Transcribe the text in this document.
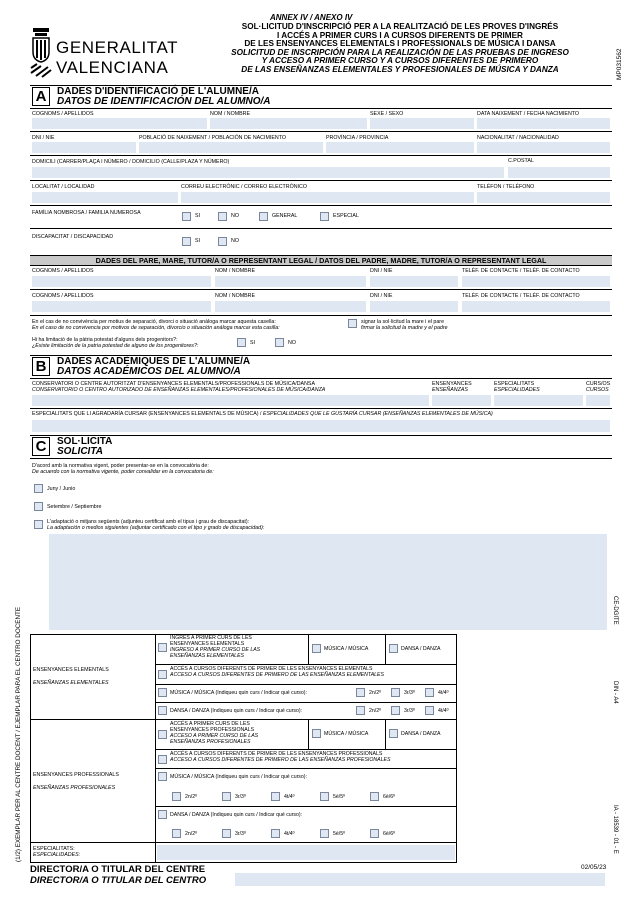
GENERALITAT
VALENCIANA
ANNEX IV / ANEXO IV
SOL·LICITUD D'INSCRIPCIÓ PER A LA REALITZACIÓ DE LES PROVES D'INGRÉS
I ACCÉS A PRIMER CURS I A CURSOS DIFERENTS DE PRIMER
DE LES ENSENYANCES ELEMENTALS I PROFESSIONALS DE MÚSICA I DANSA
SOLICITUD DE INSCRIPCIÓN PARA LA REALIZACIÓN DE LAS PRUEBAS DE INGRESO
Y ACCESO A PRIMER CURSO Y A CURSOS DIFERENTES DE PRIMERO
DE LAS ENSEÑANZAS ELEMENTALES Y PROFESIONALES DE MÚSICA Y DANZA	MP031562
A	DADES D'IDENTIFICACIÓ DE L'ALUMNE/A
DATOS DE IDENTIFICACIÓN DEL ALUMNO/A
COGNOMS / APELLIDOS	NOM / NOMBRE	SEXE / SEXO	DATA NAIXEMENT / FECHA NACIMIENTO
DNI / NIE	POBLACIÓ DE NAIXEMENT / POBLACIÓN DE NACIMIENTO	PROVÍNCIA / PROVINCIA	NACIONALITAT / NACIONALIDAD
DOMICILI (CARRER/PLAÇA I NÚMERO / DOMICILIO (CALLE/PLAZA Y NÚMERO)	C.POSTAL
LOCALITAT / LOCALIDAD	CORREU ELECTRÒNIC / CORREO ELECTRÓNICO	TELÈFON / TELÉFONO
FAMÍLIA NOMBROSA / FAMILIA NUMEROSA	SI	NO	GENERAL	ESPECIAL
DISCAPACITAT / DISCAPACIDAD
SI	NO
DADES DEL PARE, MARE, TUTOR/A O REPRESENTANT LEGAL / DATOS DEL PADRE, MADRE, TUTOR/A O REPRESENTANT LEGAL
COGNOMS / APELLIDOS	NOM / NOMBRE	DNI / NIE	TELÈF. DE CONTACTE / TELÉF. DE CONTACTO
COGNOMS / APELLIDOS	NOM / NOMBRE	DNI / NIE	TELÈF. DE CONTACTE / TELÉF. DE CONTACTO
En el cas de no convivència per motius de separació, divorci o situació anàloga marcar aquesta casella:
En el caso de no convivencia por motivos de separación, divorcio o situación análoga marcar esta casilla:
signar la sol·licitud la mare i el pare
firmar la solicitud la madre y el padre
Hi ha limitació de la pàtria potestat d'alguns dels progenitors?:
¿Existe limitación de la patria potestad de alguno de los progenitores?:	SI	NO
B	DADES ACADÈMIQUES DE L'ALUMNE/A
DATOS ACADÉMICOS DEL ALUMNO/A
CONSERVATORI O CENTRE AUTORITZAT D'ENSENYANCES ELEMENTALS/PROFESSIONALS DE MÚSICA/DANSA
CONSERVATORIO O CENTRO AUTORIZADO DE ENSEÑANZAS ELEMENTALES/PROFESIONALES DE MÚSICA/DANZA
ENSENYANCES
ENSEÑANZAS
ESPECIALITATS
ESPECIALIDADES
CURS/OS
CURSOS
ESPECIALITATS QUE LI AGRADARÍA CURSAR (ENSENYANCES ELEMENTALS DE MÚSICA) / ESPECIALIDADES QUE LE GUSTARÍA CURSAR (ENSEÑANZAS ELEMENTALES DE MÚSICA)
C	SOL·LICITA
SOLICITA
D'acord amb la normativa vigent, poder presentar-se en la convocatòria de:
De acuerdo con la normativa vigente, poder convalidar en la convocatoria de:
Juny / Junio
Setembre / Septiembre
L'adaptació o mitjans següents (adjunteu certificat amb el tipus i grau de discapacitat):
La adaptación o medios siguientes (adjuntar certificado con el tipo y grado de discapacidad):
ENSENYANCES ELEMENTALS
ENSEÑANZAS ELEMENTALES
INGRÉS A PRIMER CURS DE LES
ENSENYANCES ELEMENTALS
INGRESO A PRIMER CURSO DE LAS
ENSEÑANZAS ELEMENTALES
MÚSICA / MÚSICA	DANSA / DANZA
ACCÉS A CURSOS DIFERENTS DE PRIMER DE LES ENSENYANCES ELEMENTALS
ACCESO A CURSOS DIFERENTES DE PRIMERO DE LAS ENSEÑANZAS ELEMENTALES
MÚSICA / MÚSICA (Indiqueu quin curs / Indicar qué curso):	2n/2º	3r/3º	4t/4º
DANSA / DANZA (Indiqueu quin curs / Indicar qué curso):	2n/2º	3r/3º	4t/4º
ENSENYANCES PROFESSIONALS
ENSEÑANZAS PROFESIONALES
ACCÉS A PRIMER CURS DE LES
ENSENYANCES PROFESSIONALS
ACCESO A PRIMER CURSO DE LAS
ENSEÑANZAS PROFESIONALES
MÚSICA / MÚSICA	DANSA / DANZA
ACCÉS A CURSOS DIFERENTS DE PRIMER DE LES ENSENYANCES PROFESSIONALS
ACCESO A CURSOS DIFERENTES DE PRIMERO DE LAS ENSEÑANZAS PROFESIONALES
MÚSICA / MÚSICA (Indiqueu quin curs / Indicar qué curso):
2n/2º	3r/3º	4t/4º	5è/5º	6è/6º
DANSA / DANZA (Indiqueu quin curs / Indicar qué curso):
2n/2º	3r/3º	4t/4º	5è/5º	6è/6º
ESPECIALITATS:
ESPECIALIDADES:
DIRECTOR/A O TITULAR DEL CENTRE
DIRECTOR/A O TITULAR DEL CENTRO
02/05/23
(1/2) EXEMPLAR PER AL CENTRE DOCENT / EJEMPLAR PARA EL CENTRO DOCENTE	CE-DGITE
DIN - A4
IA - 18539 - 01 - E
